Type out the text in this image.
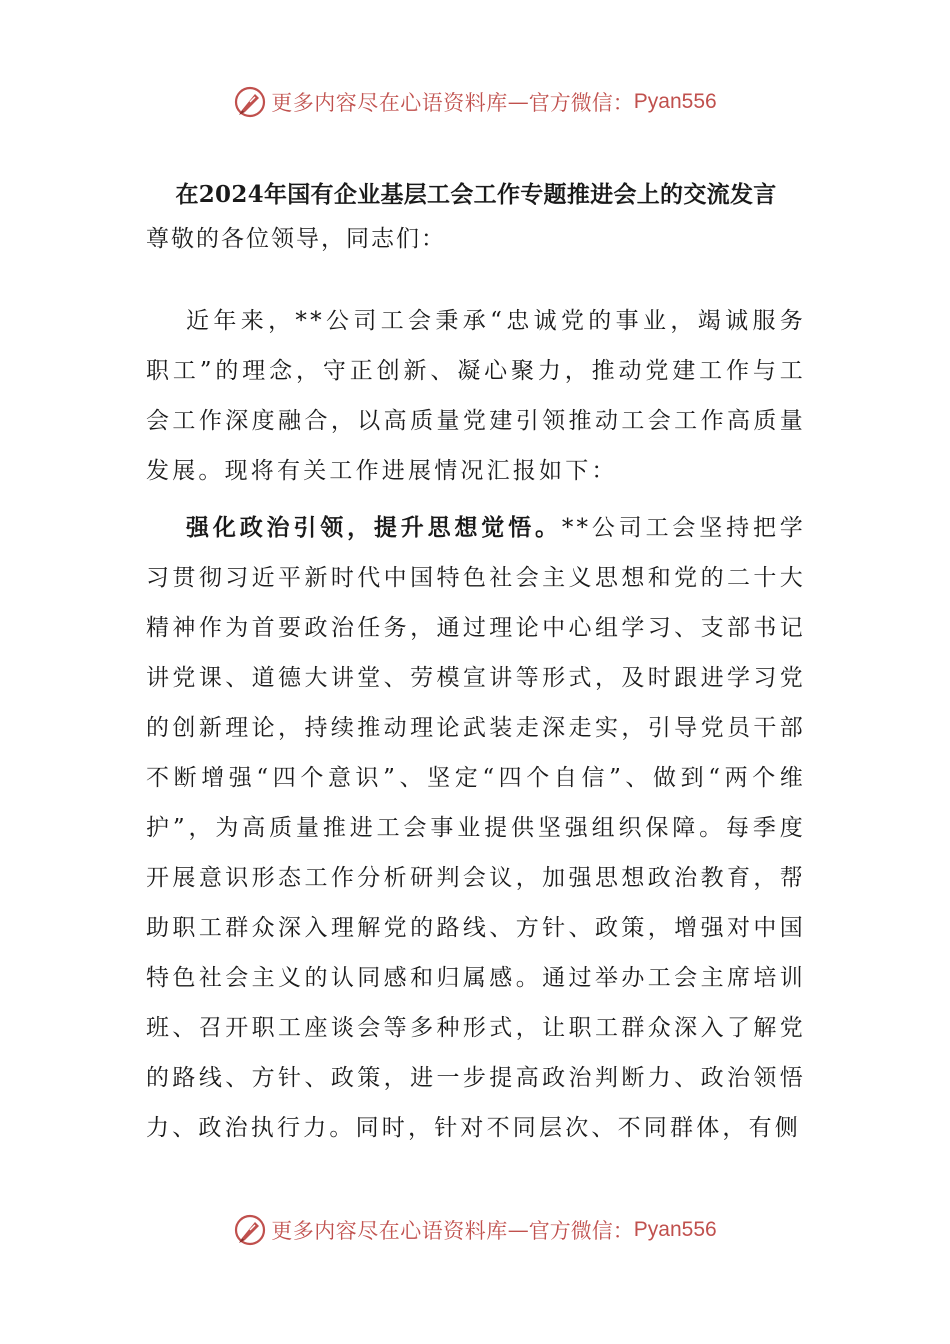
更多内容尽在心语资料库 — 官方微信： Pyan556
在2024年国有企业基层工会工作专题推进会上的交流发言
尊敬的各位领导，同志们：

近年来，**公司工会秉承“忠诚党的事业，竭诚服务职工”的理念，守正创新、凝心聚力，推动党建工作与工会工作深度融合，以高质量党建引领推动工会工作高质量发展。现将有关工作进展情况汇报如下：

强化政治引领，提升思想觉悟。**公司工会坚持把学习贯彻习近平新时代中国特色社会主义思想和党的二十大精神作为首要政治任务，通过理论中心组学习、支部书记讲党课、道德大讲堂、劳模宣讲等形式，及时跟进学习党的创新理论，持续推动理论武装走深走实，引导党员干部不断增强“四个意识”、坚定“四个自信”、做到“两个维护”，为高质量推进工会事业提供坚强组织保障。每季度开展意识形态工作分析研判会议，加强思想政治教育，帮助职工群众深入理解党的路线、方针、政策，增强对中国特色社会主义的认同感和归属感。通过举办工会主席培训班、召开职工座谈会等多种形式，让职工群众深入了解党的路线、方针、政策，进一步提高政治判断力、政治领悟力、政治执行力。同时，针对不同层次、不同群体，有侧

更多内容尽在心语资料库 — 官方微信： Pyan556
